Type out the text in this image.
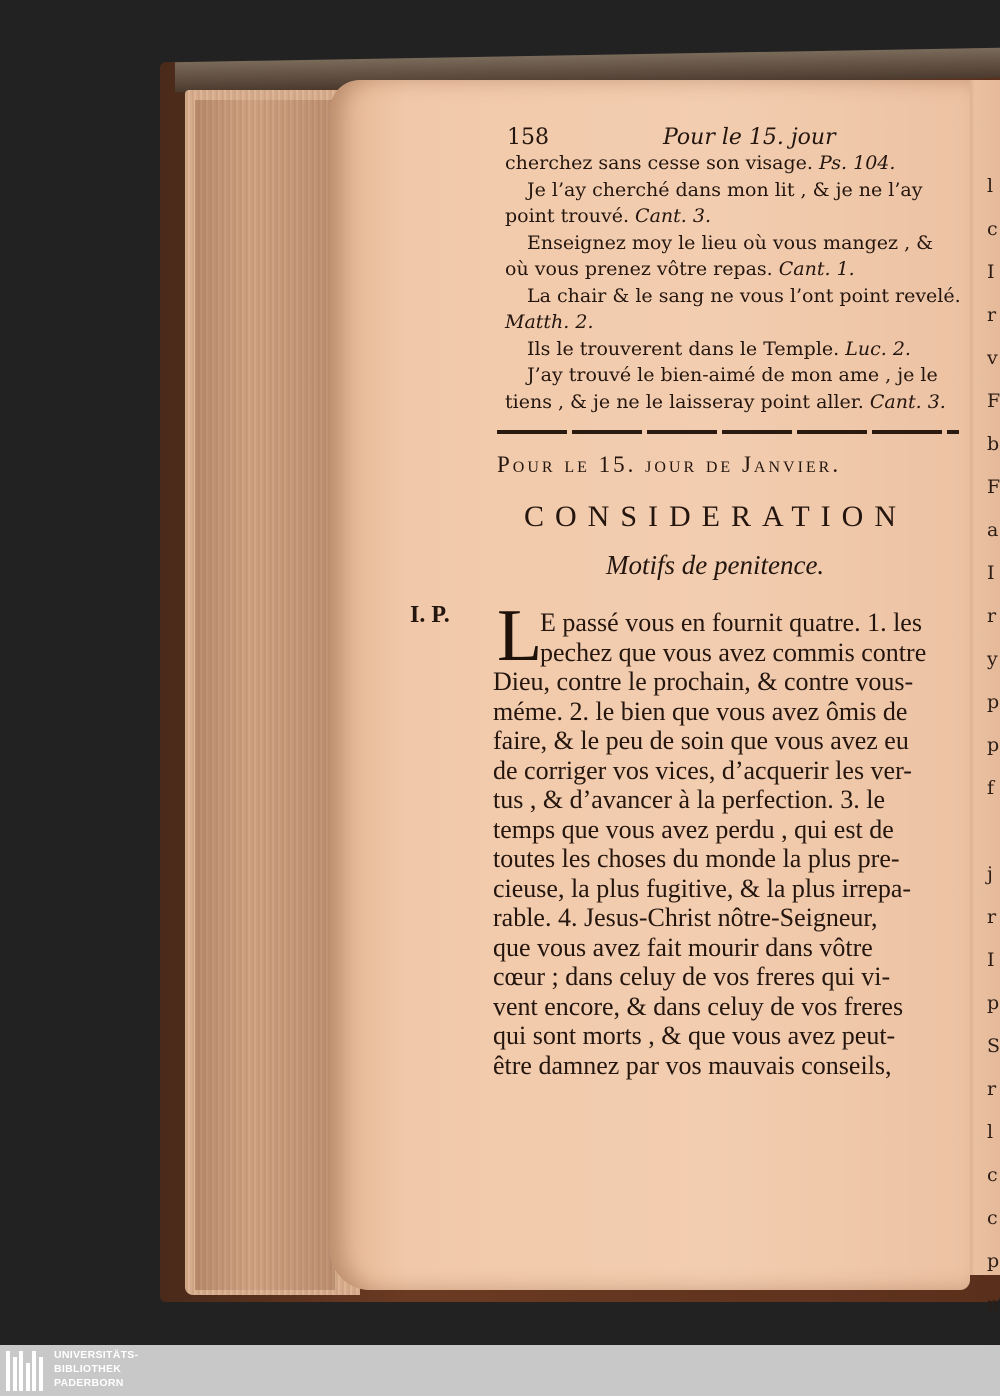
l
c
I
r
v
F
b
F
a
I
r
y
p
p
f
j
r
I
p
S
r
l
c
c
p
n
158	Pour le 15. jour
cherchez sans cesse son visage. Ps. 104.
Je l’ay cherché dans mon lit , & je ne l’ay
point trouvé. Cant. 3.
Enseignez moy le lieu où vous mangez , &
où vous prenez vôtre repas. Cant. 1.
La chair & le sang ne vous l’ont point revelé.
Matth. 2.
Ils le trouverent dans le Temple. Luc. 2.
J’ay trouvé le bien-aimé de mon ame , je le
tiens , & je ne le laisseray point aller. Cant. 3.
Pour le 15. jour de Janvier.
CONSIDERATION
Motifs de penitence.
I. P. L
E passé vous en fournit quatre. 1. les
pechez que vous avez commis contre
Dieu, contre le prochain, & contre vous-
méme. 2. le bien que vous avez ômis de
faire, & le peu de soin que vous avez eu
de corriger vos vices, d’acquerir les ver-
tus , & d’avancer à la perfection. 3. le
temps que vous avez perdu , qui est de
toutes les choses du monde la plus pre-
cieuse, la plus fugitive, & la plus irrepa-
rable. 4. Jesus-Christ nôtre-Seigneur,
que vous avez fait mourir dans vôtre
cœur ; dans celuy de vos freres qui vi-
vent encore, & dans celuy de vos freres
qui sont morts , & que vous avez peut-
être damnez par vos mauvais conseils,
UNIVERSITÄTS-
BIBLIOTHEK
PADERBORN
